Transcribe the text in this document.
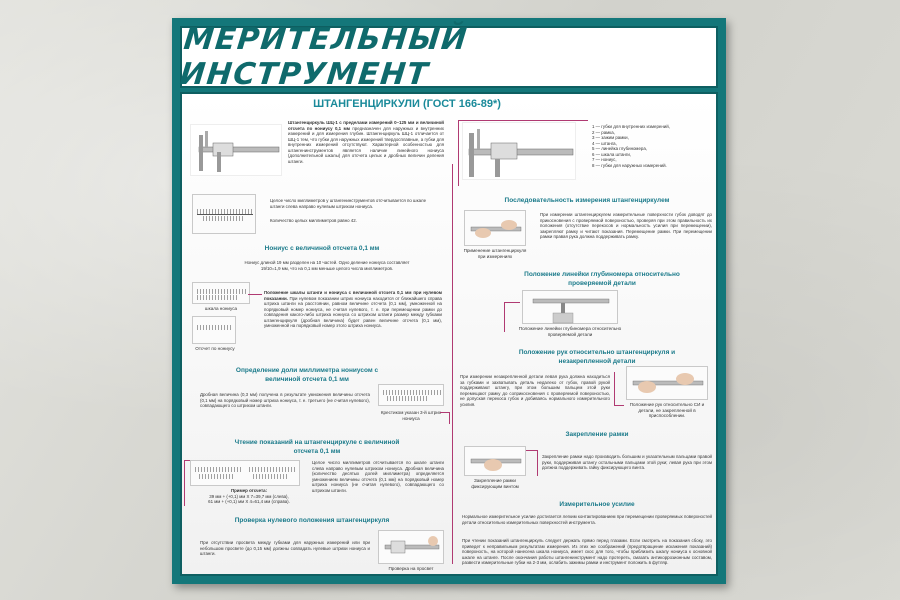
МЕРИТЕЛЬНЫЙ ИНСТРУМЕНТ
ШТАНГЕНЦИРКУЛИ (ГОСТ 166-89*)
Штангенциркуль ШЦ-1 с пределами измерений 0–125 мм и величиной отсчета по нониусу 0,1 мм предназначен для наружных и внутренних измерений и для измерения глубин. Штангенциркуль ШЦ-1 отличается от ШЦ-1 тем, что губки для наружных измерений твердосплавные, а губки для внутренних измерений отсутствуют. Характерной особенностью для штангенинструментов является наличие линейного нониуса (дополнительной шкалы) для отсчета целых и дробных величин деления штанги.
Целое число миллиметров у штангенинструментов отсчитывается по шкале штанги слева направо нулевым штрихом нониуса.
Количество целых миллиметров равно 42.
Нониус с величиной отсчета 0,1 мм
Нониус длиной 19 мм разделен на 10 частей. Одно деление нониуса составляет 19/10=1,9 мм, что на 0,1 мм меньше целого числа миллиметров.
шкала нониуса
Отсчет по нониусу
Положение шкалы штанги и нониуса с величиной отсчета 0,1 мм при нулевом показании. При нулевом показании штрих нониуса находится от ближайшего справа штриха штанги на расстоянии, равном величине отсчета (0,1 мм), умноженной на порядковый номер нониуса, не считая нулевого, т. е. при перемещении рамки до совпадения какого-либо штриха нониуса со штрихом штанги размер между губками штангенциркуля (дробная величина) будет равен величине отсчета (0,1 мм), умноженной на порядковый номер этого штриха нониуса.
Определение доли миллиметра нониусом с величиной отсчета 0,1 мм
Дробная величина (0,3 мм) получена в результате умножения величины отсчета (0,1 мм) на порядковый номер штриха нониуса, т. е. третьего (не считая нулевого), совпадающего со штрихом штанги.
Крестиком указан 3-й штрих нониуса
Чтение показаний на штангенциркуле с величиной отсчета 0,1 мм
Пример отсчета:
39 мм + (+0,1) мм Х 7=39,7 мм (слева),
61 мм + (+0,1) мм Х 4=61,4 мм (справа).
Целое число миллиметров отсчитывается по шкале штанги слева направо нулевым штрихом нониуса. Дробная величина (количество десятых долей миллиметра) определяется умножением величины отсчета (0,1 мм) на порядковый номер штриха нониуса (не считая нулевого), совпадающего со штрихом штанги.
Проверка нулевого положения штангенциркуля
При отсутствии просвета между губками для наружных измерений или при небольшом просвете (до 0,15 мм) должны совпадать нулевые штрихи нониуса и штанги.
Проверка на просвет
1 — губки для внутренних измерений,
2 — рамка,
3 — зажим рамки,
4 — штанга,
5 — линейка глубиномера,
6 — шкала штанги,
7 — нониус,
8 — губки для наружных измерений.
Последовательность измерения штангенциркулем
Применение штангенциркуля при измерениях
При измерении штангенциркулем измерительные поверхности губок доводят до прикосновения с проверяемой поверхностью, проверяя при этом правильность их положения (отсутствие перекосов и нормальность усилия при перемещении), закрепляют рамку и читают показания. Перемещение рамки. При перемещении рамки правая рука должна поддерживать рамку.
Положение линейки глубиномера относительно проверяемой детали
Положение линейки глубиномера относительно проверяемой детали
Положение рук относительно штангенциркуля и незакрепленной детали
При измерении незакрепленной детали левая рука должна находиться за губками и захватывать деталь недалеко от губок, правой рукой поддерживают штангу, при этом большим пальцем этой руки перемещают рамку до соприкосновения с проверяемой поверхностью, не допуская перекоса губок и добиваясь нормального измерительного усилия.	Положение рук относительно СИ и детали, не закрепленной в приспособлении.
Закрепление рамки
Закрепление рамки фиксирующим винтом
Закрепление рамки надо производить большим и указательным пальцами правой руки, поддерживая штангу остальными пальцами этой руки; левая рука при этом должна поддерживать гайку фиксирующего винта.
Измерительное усилие
Нормальное измерительное усилие достигается легким контактированием при перемещении проверяемых поверхностей детали относительно измерительных поверхностей инструмента.
При чтении показаний штангенциркуль следует держать прямо перед глазами. Если смотреть на показания сбоку, это приведет к неправильным результатам измерения. Из этих же соображений (предотвращение искажения показаний) поверхность, на которой нанесена шкала нониуса, имеет скос для того, чтобы приблизить шкалу нониуса к основной шкале на штанге. После окончания работы штангенинструмент надо протереть, смазать антикоррозионным составом, развести измерительные губки на 2-3 мм, ослабить зажимы рамки и инструмент положить в футляр.
